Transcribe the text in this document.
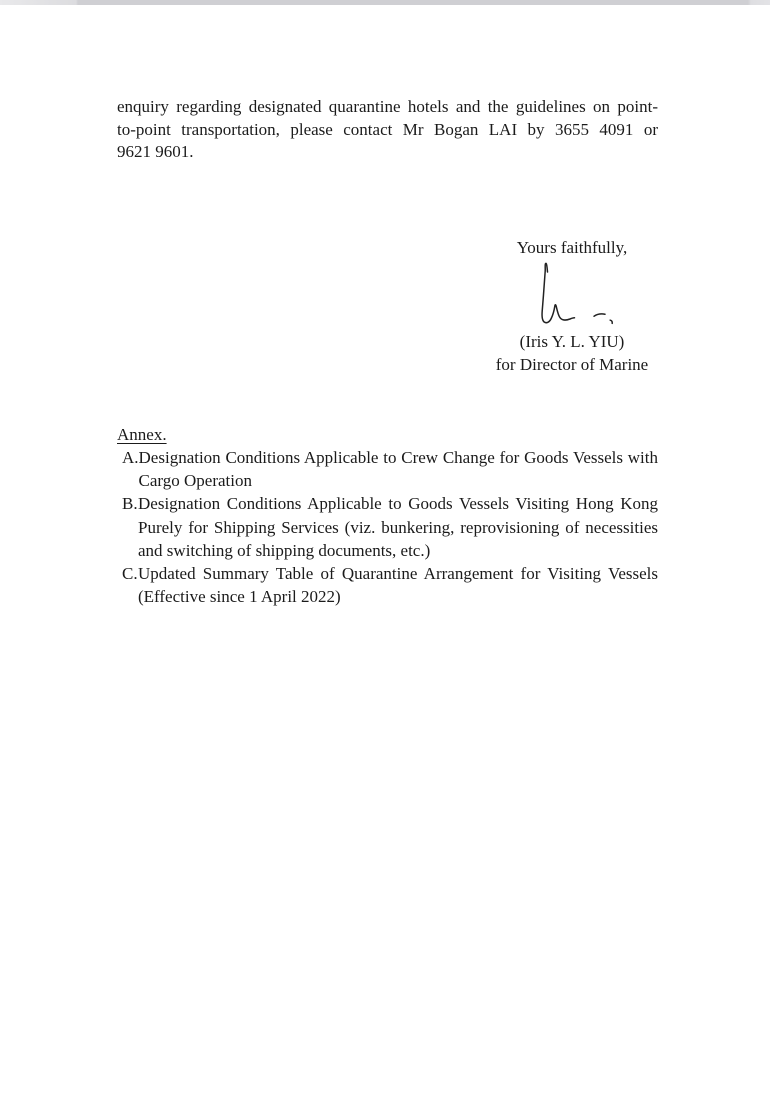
enquiry regarding designated quarantine hotels and the guidelines on point-
to-point transportation, please contact Mr Bogan LAI by 3655 4091 or
9621 9601.
Yours faithfully,
(Iris Y. L. YIU)
for Director of Marine
Annex.
A. Designation Conditions Applicable to Crew Change for Goods Vessels with
Cargo Operation
B. Designation Conditions Applicable to Goods Vessels Visiting Hong Kong
Purely for Shipping Services (viz. bunkering, reprovisioning of necessities
and switching of shipping documents, etc.)
C. Updated Summary Table of Quarantine Arrangement for Visiting Vessels
(Effective since 1 April 2022)
